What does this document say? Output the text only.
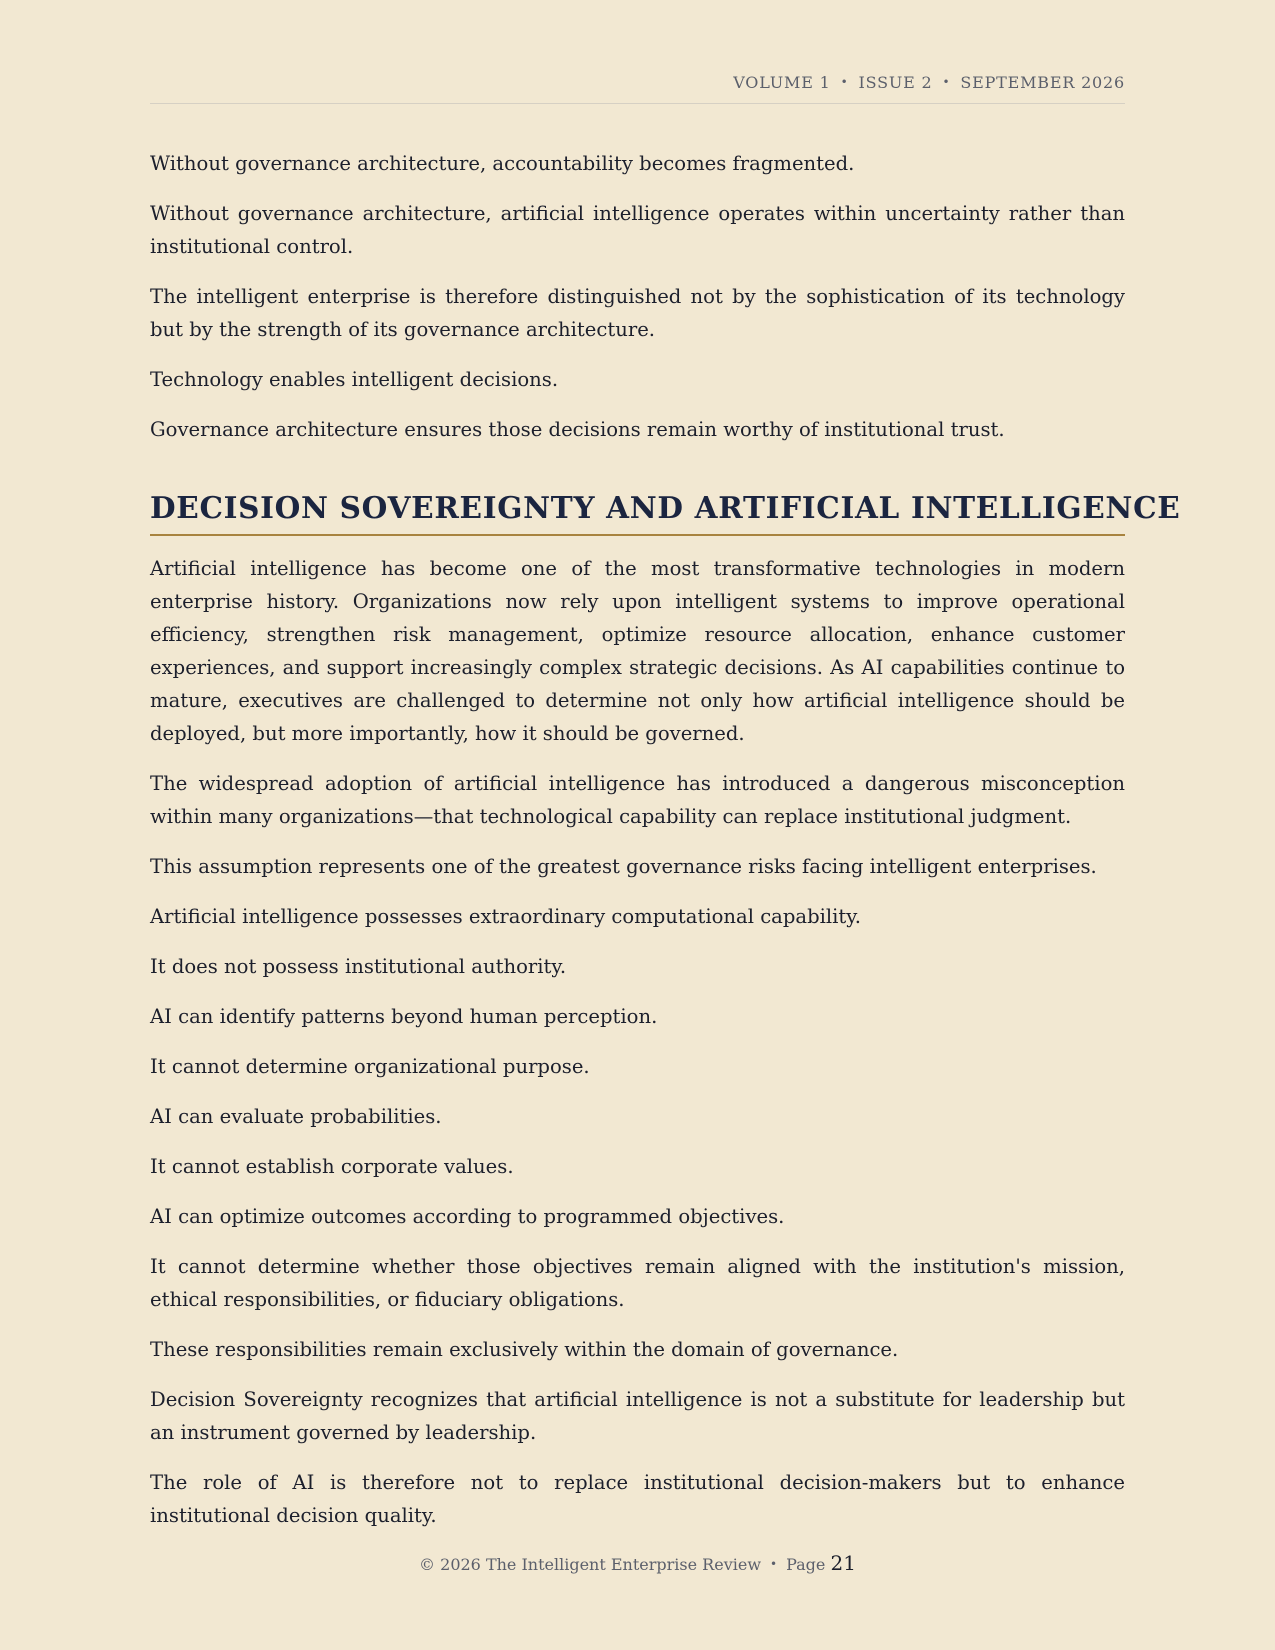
VOLUME 1 • ISSUE 2 • SEPTEMBER 2026

Without governance architecture, accountability becomes fragmented.

Without governance architecture, artificial intelligence operates within uncertainty rather than institutional control.

The intelligent enterprise is therefore distinguished not by the sophistication of its technology but by the strength of its governance architecture.

Technology enables intelligent decisions.

Governance architecture ensures those decisions remain worthy of institutional trust.

DECISION SOVEREIGNTY AND ARTIFICIAL INTELLIGENCE

Artificial intelligence has become one of the most transformative technologies in modern enterprise history. Organizations now rely upon intelligent systems to improve operational efficiency, strengthen risk management, optimize resource allocation, enhance customer experiences, and support increasingly complex strategic decisions. As AI capabilities continue to mature, executives are challenged to determine not only how artificial intelligence should be deployed, but more importantly, how it should be governed.

The widespread adoption of artificial intelligence has introduced a dangerous misconception within many organizations—that technological capability can replace institutional judgment.

This assumption represents one of the greatest governance risks facing intelligent enterprises.

Artificial intelligence possesses extraordinary computational capability.

It does not possess institutional authority.

AI can identify patterns beyond human perception.

It cannot determine organizational purpose.

AI can evaluate probabilities.

It cannot establish corporate values.

AI can optimize outcomes according to programmed objectives.

It cannot determine whether those objectives remain aligned with the institution's mission, ethical responsibilities, or fiduciary obligations.

These responsibilities remain exclusively within the domain of governance.

Decision Sovereignty recognizes that artificial intelligence is not a substitute for leadership but an instrument governed by leadership.

The role of AI is therefore not to replace institutional decision-makers but to enhance institutional decision quality.

© 2026 The Intelligent Enterprise Review • Page 21
